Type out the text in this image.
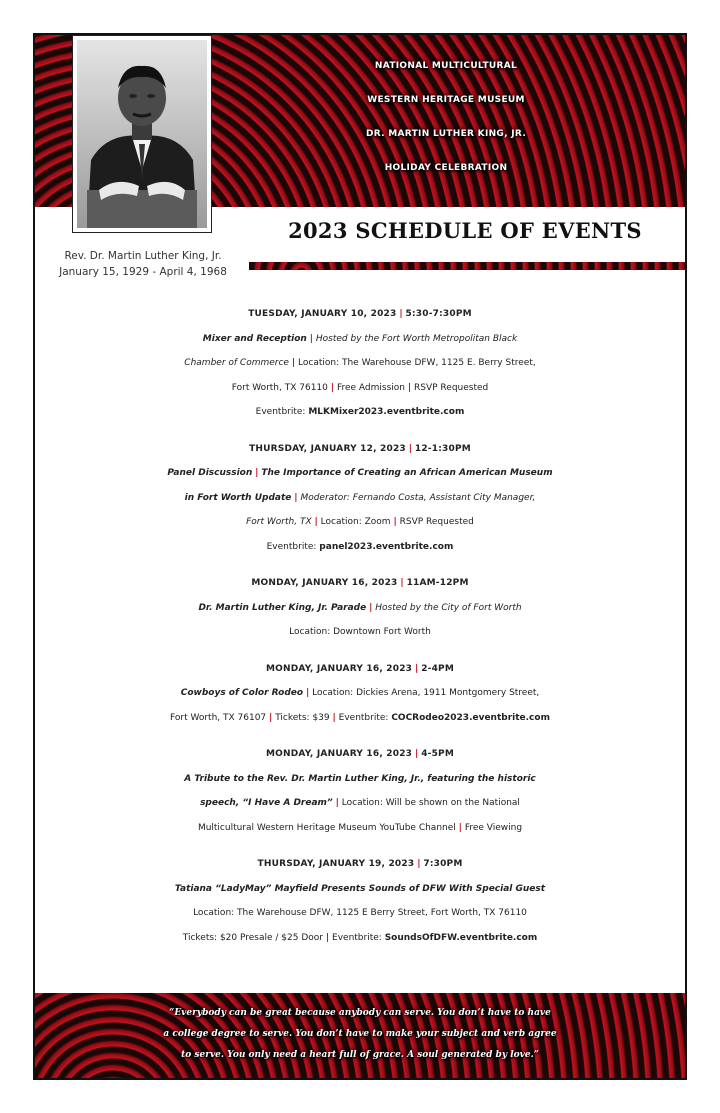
NATIONAL MULTICULTURAL
WESTERN HERITAGE MUSEUM
DR. MARTIN LUTHER KING, JR.
HOLIDAY CELEBRATION
Rev. Dr. Martin Luther King, Jr.
January 15, 1929 - April 4, 1968
2023 SCHEDULE OF EVENTS
TUESDAY, JANUARY 10, 2023 | 5:30-7:30PM
Mixer and Reception | Hosted by the Fort Worth Metropolitan Black
Chamber of Commerce | Location: The Warehouse DFW, 1125 E. Berry Street,
Fort Worth, TX 76110 | Free Admission | RSVP Requested
Eventbrite: MLKMixer2023.eventbrite.com
THURSDAY, JANUARY 12, 2023 | 12-1:30PM
Panel Discussion | The Importance of Creating an African American Museum
in Fort Worth Update | Moderator: Fernando Costa, Assistant City Manager,
Fort Worth, TX | Location: Zoom | RSVP Requested
Eventbrite: panel2023.eventbrite.com
MONDAY, JANUARY 16, 2023 | 11AM-12PM
Dr. Martin Luther King, Jr. Parade | Hosted by the City of Fort Worth
Location: Downtown Fort Worth
MONDAY, JANUARY 16, 2023 | 2-4PM
Cowboys of Color Rodeo | Location: Dickies Arena, 1911 Montgomery Street,
Fort Worth, TX 76107 | Tickets: $39 | Eventbrite: COCRodeo2023.eventbrite.com
MONDAY, JANUARY 16, 2023 | 4-5PM
A Tribute to the Rev. Dr. Martin Luther King, Jr., featuring the historic
speech, “I Have A Dream” | Location: Will be shown on the National
Multicultural Western Heritage Museum YouTube Channel | Free Viewing
THURSDAY, JANUARY 19, 2023 | 7:30PM
Tatiana “LadyMay” Mayfield Presents Sounds of DFW With Special Guest
Location: The Warehouse DFW, 1125 E Berry Street, Fort Worth, TX 76110
Tickets: $20 Presale / $25 Door | Eventbrite: SoundsOfDFW.eventbrite.com
“Everybody can be great because anybody can serve. You don’t have to have
a college degree to serve. You don’t have to make your subject and verb agree
to serve. You only need a heart full of grace. A soul generated by love.”
